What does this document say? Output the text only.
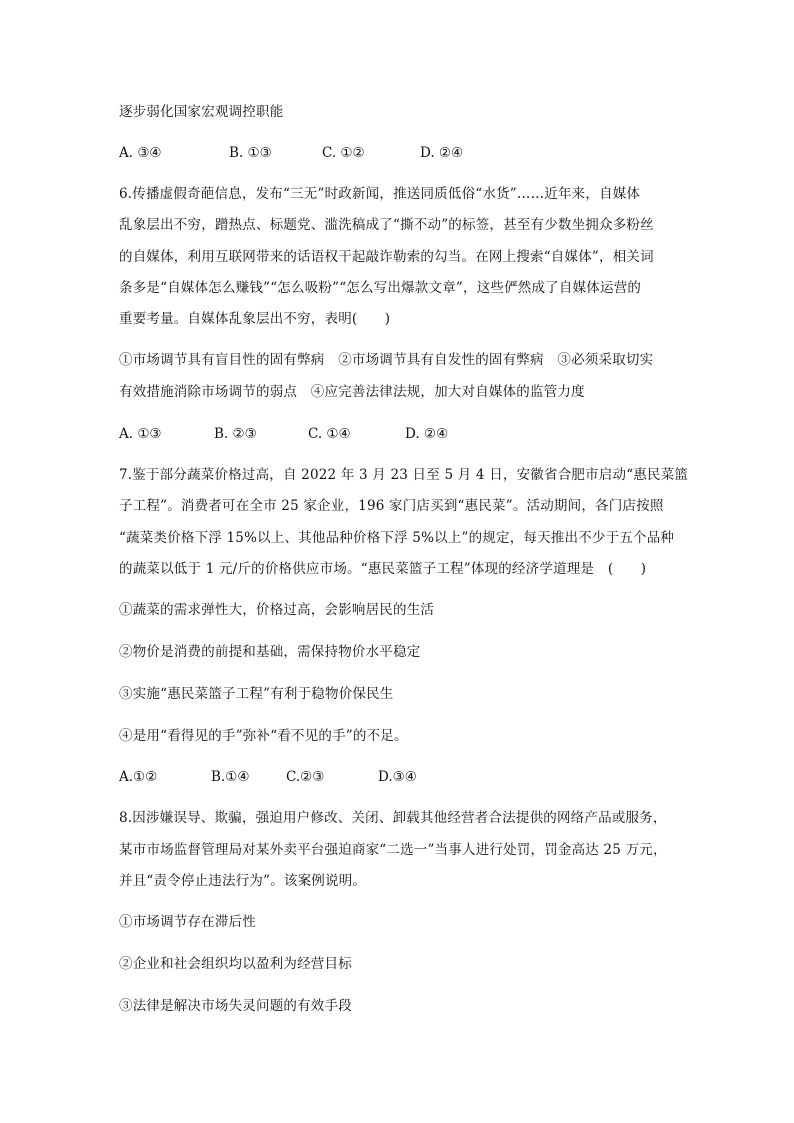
逐步弱化国家宏观调控职能
A. ③④	B. ①③	C. ①②	D. ②④
6.传播虚假奇葩信息，发布“三无”时政新闻，推送同质低俗“水货”……近年来，自媒体
乱象层出不穷，蹭热点、标题党、滥洗稿成了“撕不动”的标签，甚至有少数坐拥众多粉丝
的自媒体，利用互联网带来的话语权干起敲诈勒索的勾当。在网上搜索“自媒体”，相关词
条多是“自媒体怎么赚钱”“怎么吸粉”“怎么写出爆款文章”，这些俨然成了自媒体运营的
重要考量。自媒体乱象层出不穷，表明(　　)
①市场调节具有盲目性的固有弊病　②市场调节具有自发性的固有弊病　③必须采取切实
有效措施消除市场调节的弱点　④应完善法律法规，加大对自媒体的监管力度
A. ①③	B. ②③	C. ①④	D. ②④
7.鉴于部分蔬菜价格过高，自 2022 年 3 月 23 日至 5 月 4 日，安徽省合肥市启动“惠民菜篮
子工程”。消费者可在全市 25 家企业，196 家门店买到“惠民菜”。活动期间，各门店按照
“蔬菜类价格下浮 15%以上、其他品种价格下浮 5%以上”的规定，每天推出不少于五个品种
的蔬菜以低于 1 元/斤的价格供应市场。“惠民菜篮子工程”体现的经济学道理是　(　　)
①蔬菜的需求弹性大，价格过高，会影响居民的生活
②物价是消费的前提和基础，需保持物价水平稳定
③实施“惠民菜篮子工程”有利于稳物价保民生
④是用“看得见的手”弥补“看不见的手”的不足。
A.①②	B.①④	C.②③	D.③④
8.因涉嫌误导、欺骗，强迫用户修改、关闭、卸载其他经营者合法提供的网络产品或服务，
某市市场监督管理局对某外卖平台强迫商家“二选一”当事人进行处罚，罚金高达 25 万元，
并且“责令停止违法行为”。该案例说明。
①市场调节存在滞后性
②企业和社会组织均以盈利为经营目标
③法律是解决市场失灵问题的有效手段
